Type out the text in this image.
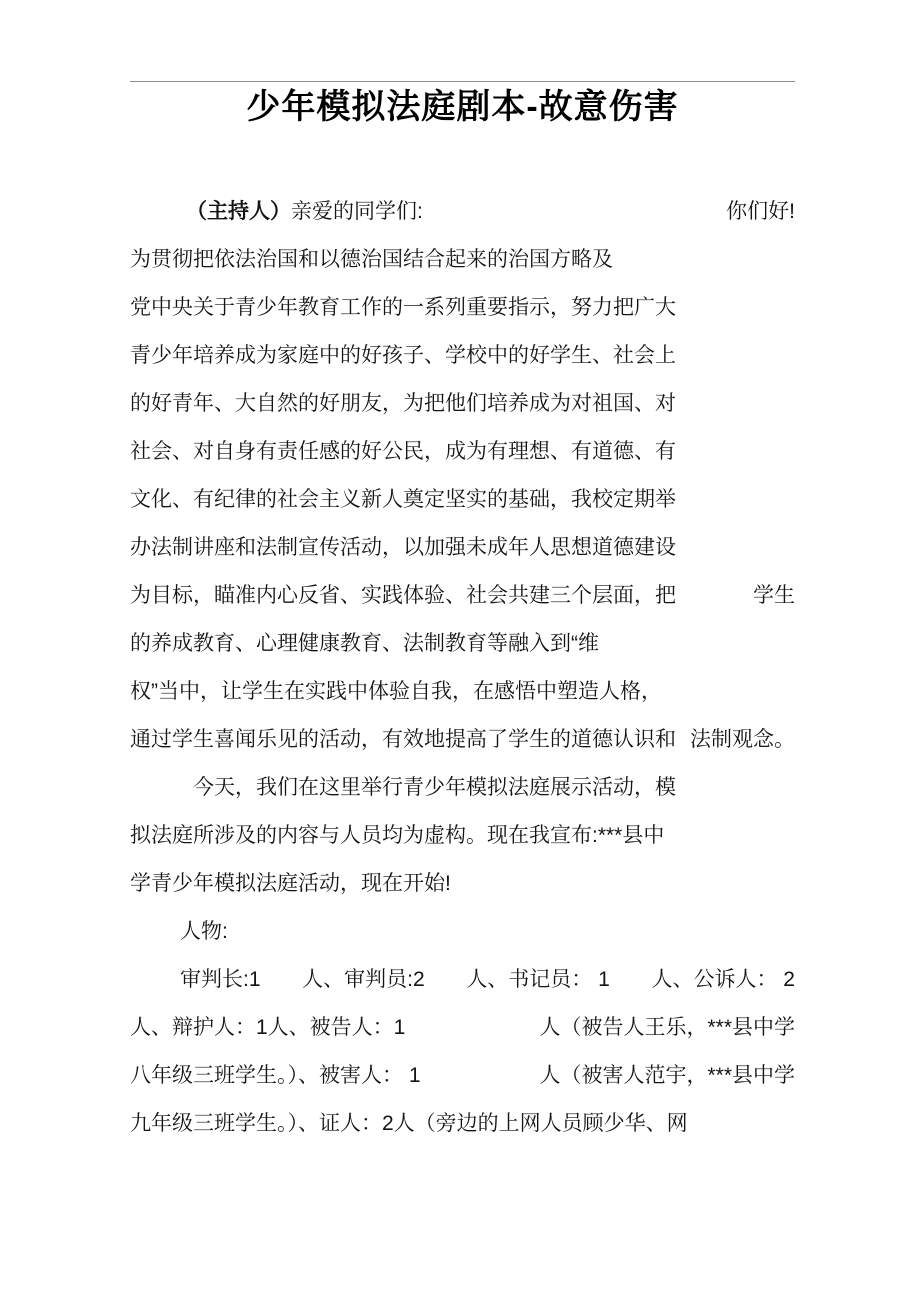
少年模拟法庭剧本-故意伤害
（主持人）亲爱的同学们:	你们好!
为贯彻把依法治国和以德治国结合起来的治国方略及
党中央关于青少年教育工作的一系列重要指示，努力把广大
青少年培养成为家庭中的好孩子、学校中的好学生、社会上
的好青年、大自然的好朋友，为把他们培养成为对祖国、对
社会、对自身有责任感的好公民，成为有理想、有道德、有
文化、有纪律的社会主义新人奠定坚实的基础，我校定期举
办法制讲座和法制宣传活动，以加强未成年人思想道德建设
为目标，瞄准内心反省、实践体验、社会共建三个层面，把	学生
的养成教育、心理健康教育、法制教育等融入到“维
权”当中，让学生在实践中体验自我，在感悟中塑造人格，
通过学生喜闻乐见的活动，有效地提高了学生的道德认识和 法制观念。
今天，我们在这里举行青少年模拟法庭展示活动，模
拟法庭所涉及的内容与人员均为虚构。现在我宣布:***县中
学青少年模拟法庭活动，现在开始!
人物:
审判长:1 人、审判员:2 人、书记员： 1 人、公诉人： 2
人、辩护人：1人、被告人：1	人（被告人王乐，***县中学
八年级三班学生。）、被害人： 1	人（被害人范宇，***县中学
九年级三班学生。）、证人：2人（旁边的上网人员顾少华、网
